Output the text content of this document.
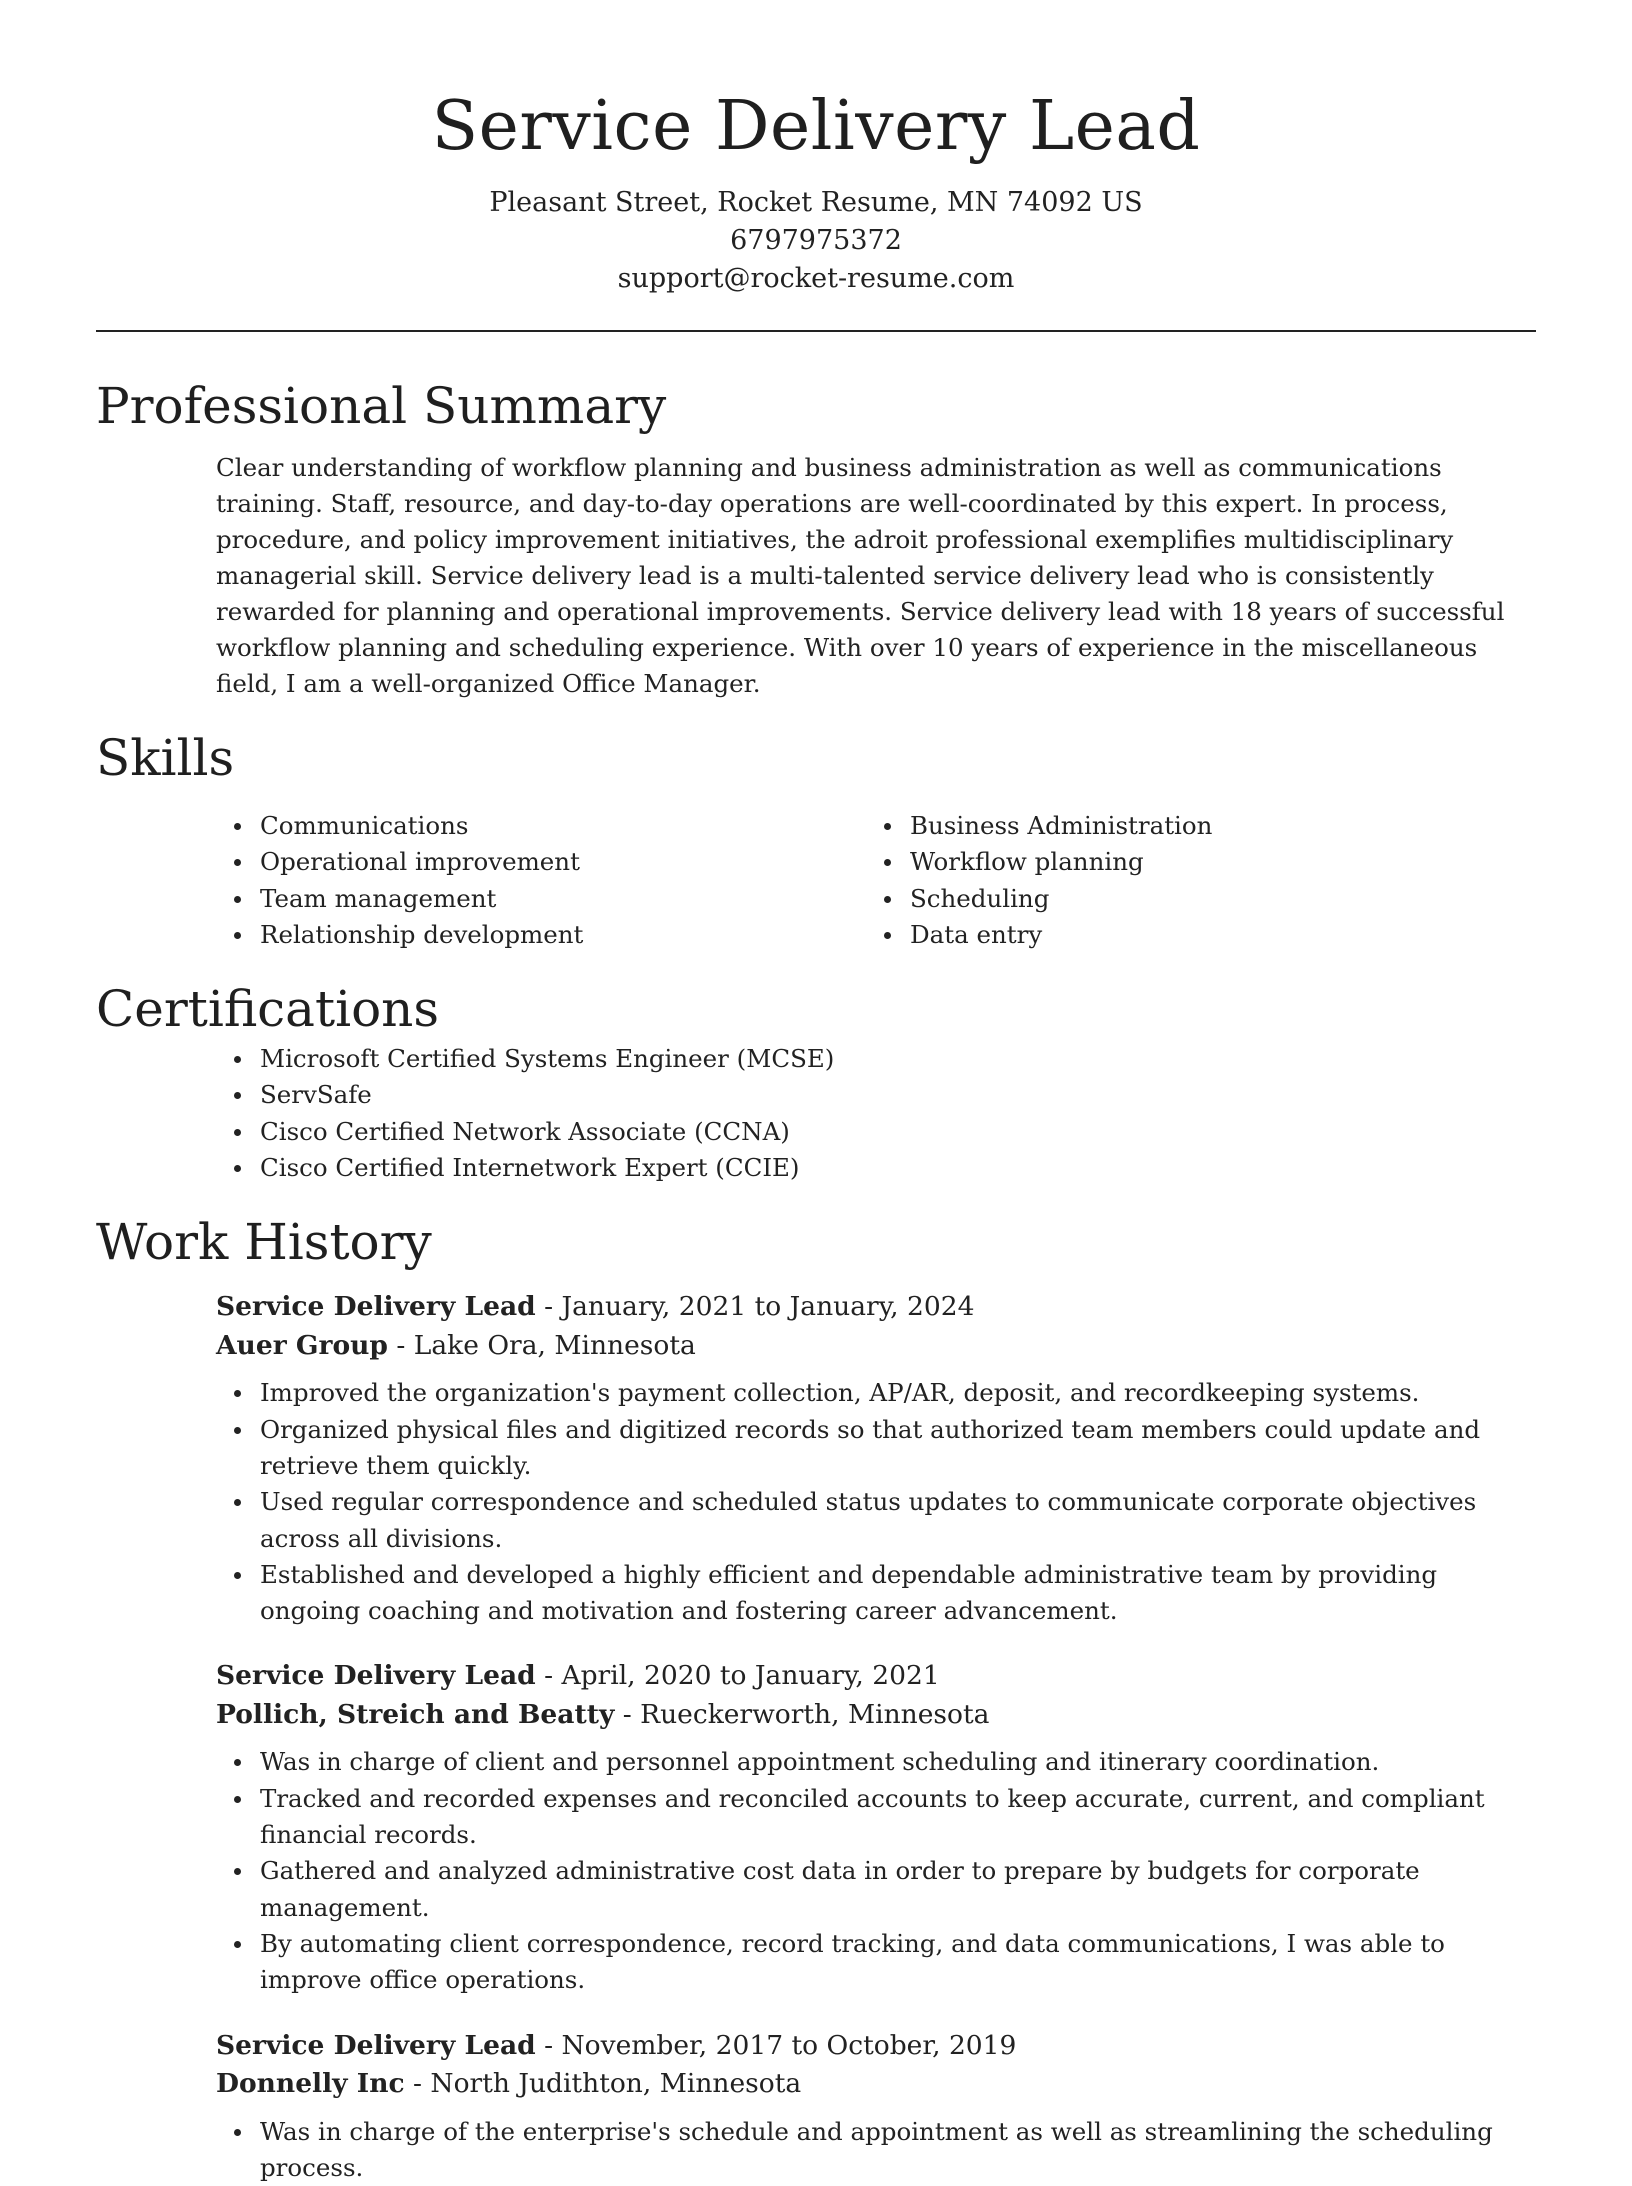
Service Delivery Lead
Pleasant Street, Rocket Resume, MN 74092 US
6797975372
support@rocket-resume.com
Professional Summary
Clear understanding of workflow planning and business administration as well as communications training. Staff, resource, and day-to-day operations are well-coordinated by this expert. In process, procedure, and policy improvement initiatives, the adroit professional exemplifies multidisciplinary managerial skill. Service delivery lead is a multi-talented service delivery lead who is consistently rewarded for planning and operational improvements. Service delivery lead with 18 years of successful workflow planning and scheduling experience. With over 10 years of experience in the miscellaneous field, I am a well-organized Office Manager.
Skills
Communications
Operational improvement
Team management
Relationship development
Business Administration
Workflow planning
Scheduling
Data entry
Certifications
Microsoft Certified Systems Engineer (MCSE)
ServSafe
Cisco Certified Network Associate (CCNA)
Cisco Certified Internetwork Expert (CCIE)
Work History
Service Delivery Lead - January, 2021 to January, 2024
Auer Group - Lake Ora, Minnesota
Improved the organization's payment collection, AP/AR, deposit, and recordkeeping systems.
Organized physical files and digitized records so that authorized team members could update and retrieve them quickly.
Used regular correspondence and scheduled status updates to communicate corporate objectives across all divisions.
Established and developed a highly efficient and dependable administrative team by providing ongoing coaching and motivation and fostering career advancement.
Service Delivery Lead - April, 2020 to January, 2021
Pollich, Streich and Beatty - Rueckerworth, Minnesota
Was in charge of client and personnel appointment scheduling and itinerary coordination.
Tracked and recorded expenses and reconciled accounts to keep accurate, current, and compliant financial records.
Gathered and analyzed administrative cost data in order to prepare by budgets for corporate management.
By automating client correspondence, record tracking, and data communications, I was able to improve office operations.
Service Delivery Lead - November, 2017 to October, 2019
Donnelly Inc - North Judithton, Minnesota
Was in charge of the enterprise's schedule and appointment as well as streamlining the scheduling process.
